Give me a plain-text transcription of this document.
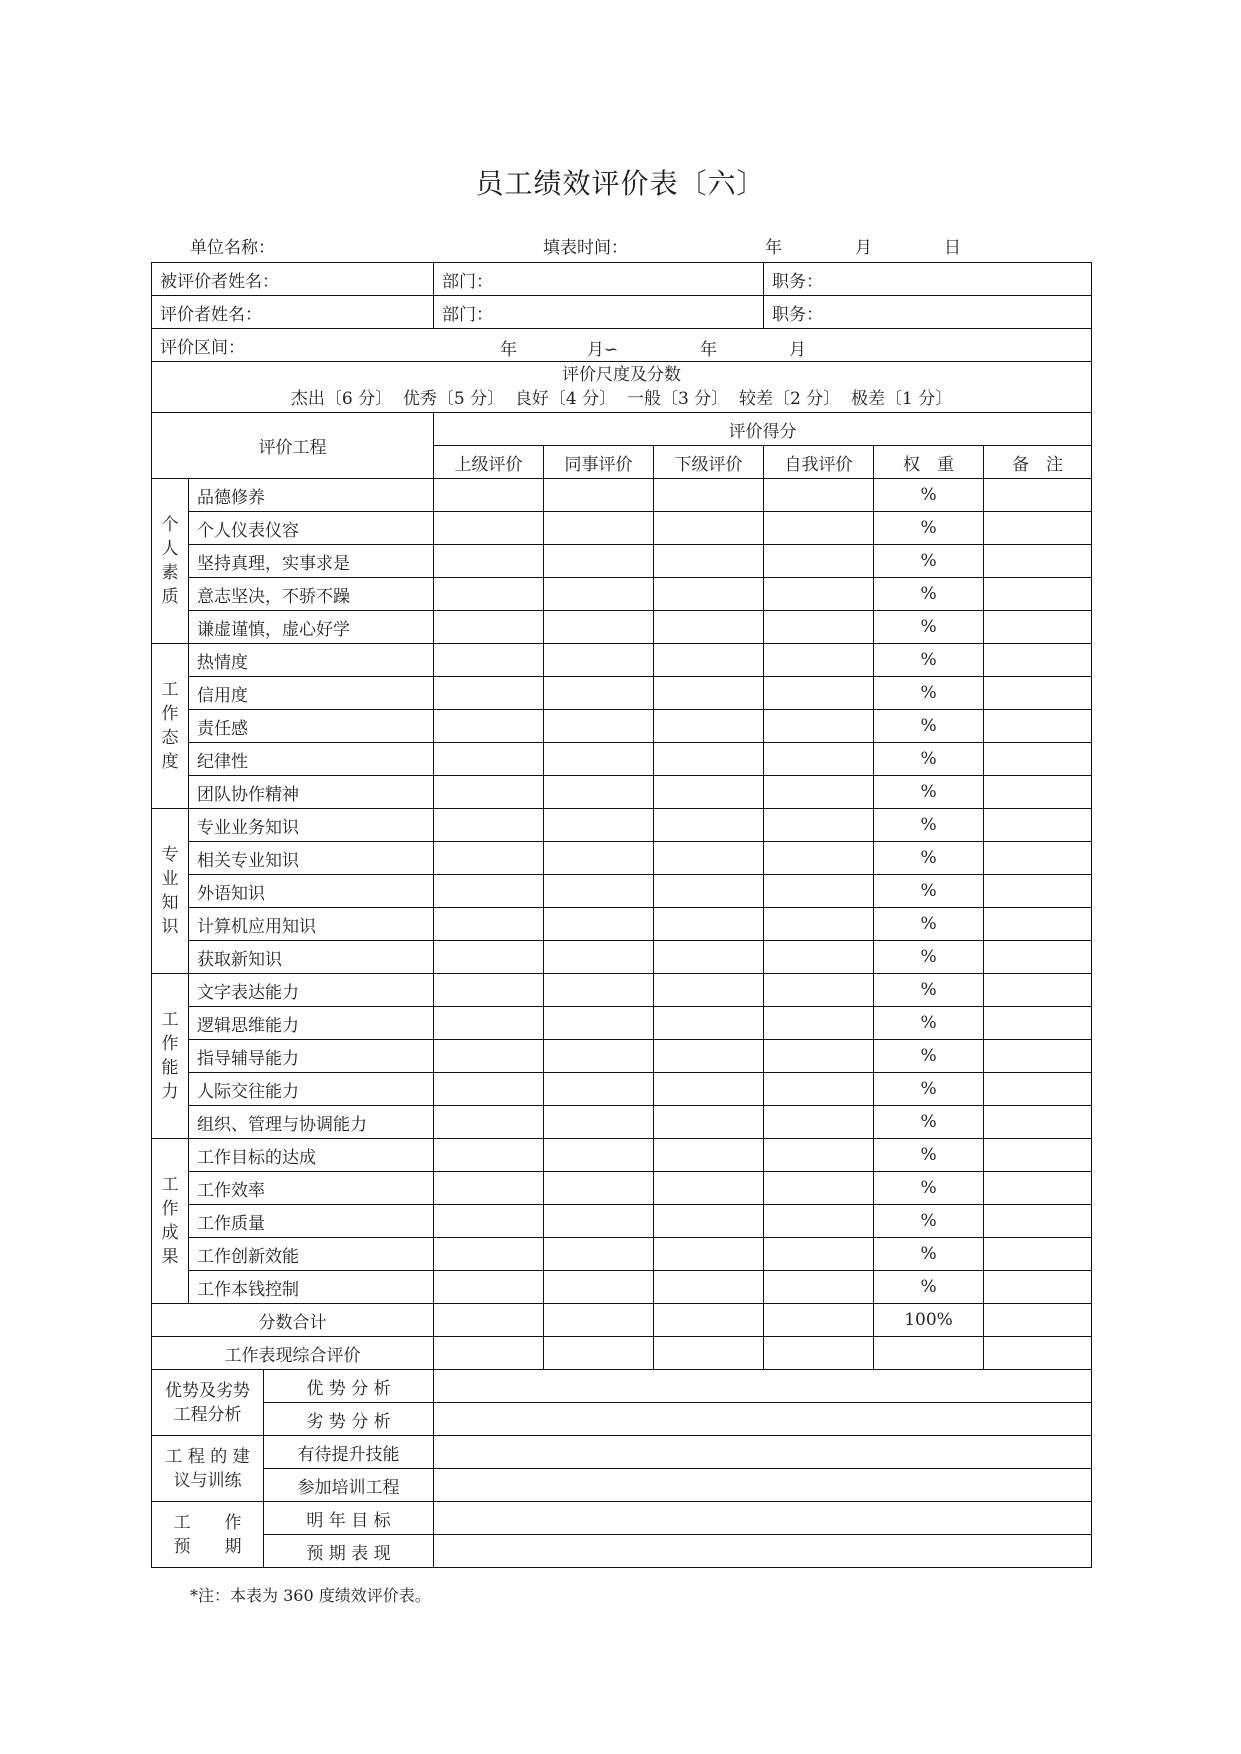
员工绩效评价表〔六〕
单位名称：	填表时间：	年	月	日
被评价者姓名：			部门：			职务：		
评价者姓名：			部门：			职务：		
评价区间： 年 月∽ 年 月								

评价尺度及分数
杰出〔6 分〕  优秀〔5 分〕  良好〔4 分〕  一般〔3 分〕  较差〔2 分〕  极差〔1 分〕								

评价工程			评价得分					
			上级评价	同事评价	下级评价	自我评价	权　重	备　注
个人素质	品德修养						%	
	个人仪表仪容						%	
	坚持真理，实事求是						%	
	意志坚决，不骄不躁						%	
	谦虚谨慎，虚心好学						%	
工作态度	热情度						%	
	信用度						%	
	责任感						%	
	纪律性						%	
	团队协作精神						%	
专业知识	专业业务知识						%	
	相关专业知识						%	
	外语知识						%	
	计算机应用知识						%	
	获取新知识						%	
工作能力	文字表达能力						%	
	逻辑思维能力						%	
	指导辅导能力						%	
	人际交往能力						%	
	组织、管理与协调能力						%	
工作成果	工作目标的达成						%	
	工作效率						%	
	工作质量						%	
	工作创新效能						%	
	工作本钱控制						%	
分数合计							100%	
工作表现综合评价								

优势及劣势
工程分析		优 势 分 析						
		劣 势 分 析						

工 程 的 建
议与训练		有待提升技能						
		参加培训工程						

工　　作
预　　期		明 年 目 标						
		预 期 表 现						
*注：本表为 360 度绩效评价表。
